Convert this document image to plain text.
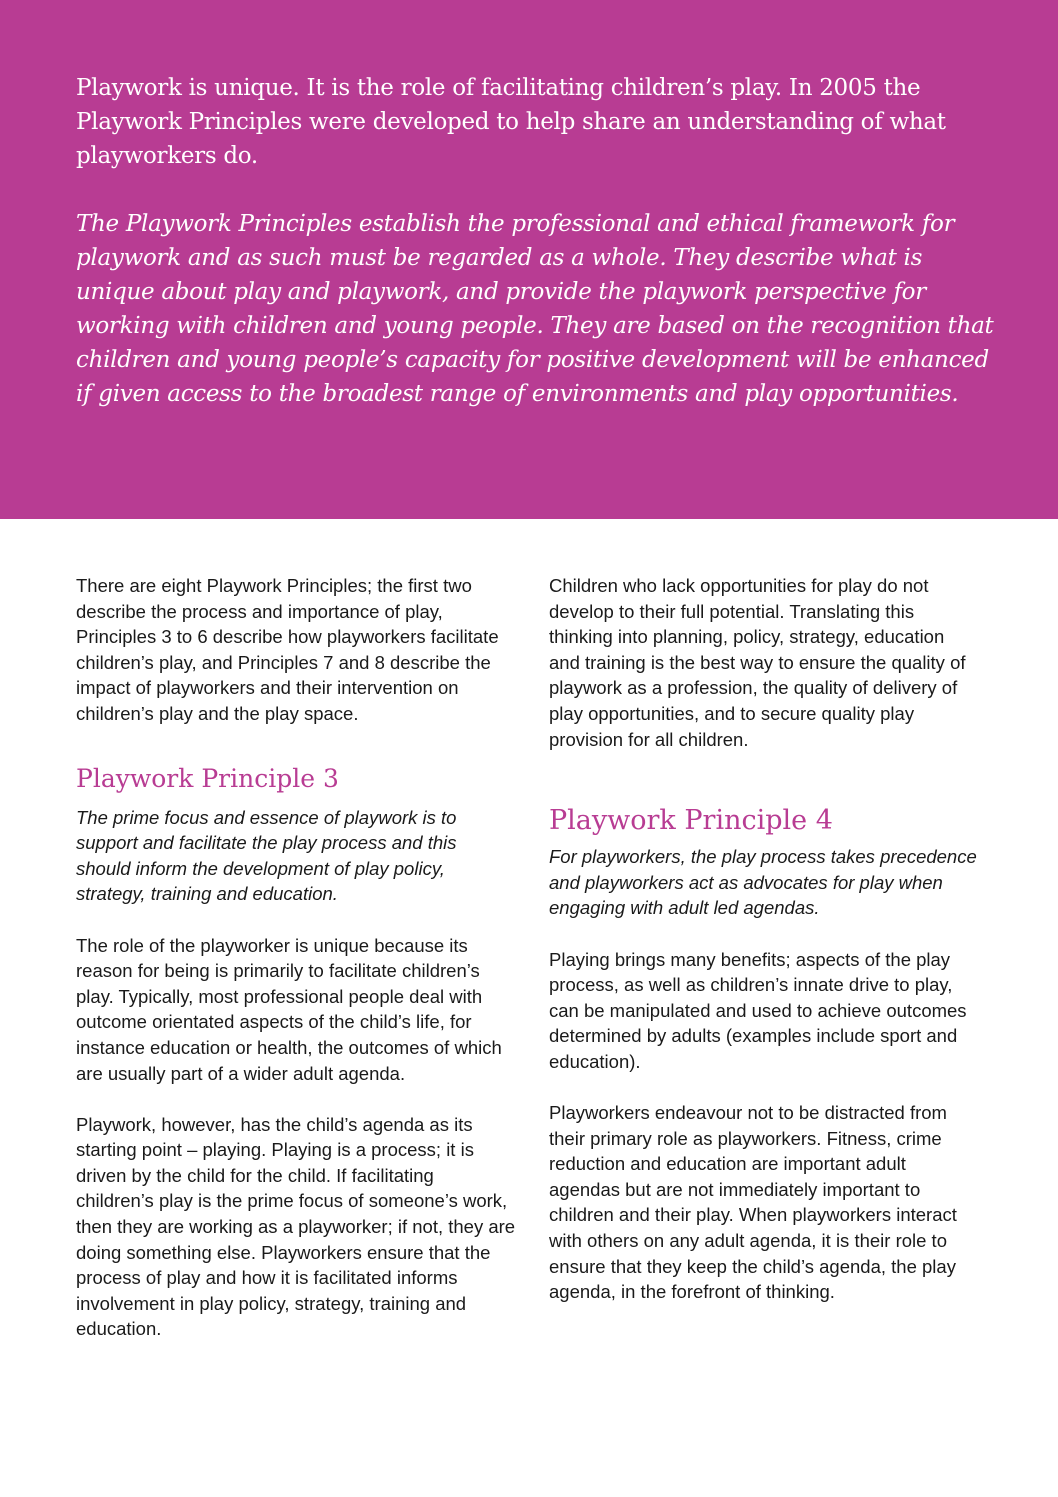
Playwork is unique. It is the role of facilitating children’s play. In 2005 the Playwork Principles were developed to help share an understanding of what playworkers do.

The Playwork Principles establish the professional and ethical framework for playwork and as such must be regarded as a whole. They describe what is unique about play and playwork, and provide the playwork perspective for working with children and young people. They are based on the recognition that children and young people’s capacity for positive development will be enhanced if given access to the broadest range of environments and play opportunities.

There are eight Playwork Principles; the first two describe the process and importance of play, Principles 3 to 6 describe how playworkers facilitate children’s play, and Principles 7 and 8 describe the impact of playworkers and their intervention on children’s play and the play space.

Playwork Principle 3

The prime focus and essence of playwork is to support and facilitate the play process and this should inform the development of play policy, strategy, training and education.

The role of the playworker is unique because its reason for being is primarily to facilitate children’s play. Typically, most professional people deal with outcome orientated aspects of the child’s life, for instance education or health, the outcomes of which are usually part of a wider adult agenda.

Playwork, however, has the child’s agenda as its starting point – playing. Playing is a process; it is driven by the child for the child. If facilitating children’s play is the prime focus of someone’s work, then they are working as a playworker; if not, they are doing something else. Playworkers ensure that the process of play and how it is facilitated informs involvement in play policy, strategy, training and education.

Children who lack opportunities for play do not develop to their full potential. Translating this thinking into planning, policy, strategy, education and training is the best way to ensure the quality of playwork as a profession, the quality of delivery of play opportunities, and to secure quality play provision for all children.

Playwork Principle 4

For playworkers, the play process takes precedence and playworkers act as advocates for play when engaging with adult led agendas.

Playing brings many benefits; aspects of the play process, as well as children’s innate drive to play, can be manipulated and used to achieve outcomes determined by adults (examples include sport and education).

Playworkers endeavour not to be distracted from their primary role as playworkers. Fitness, crime reduction and education are important adult agendas but are not immediately important to children and their play. When playworkers interact with others on any adult agenda, it is their role to ensure that they keep the child’s agenda, the play agenda, in the forefront of thinking.
